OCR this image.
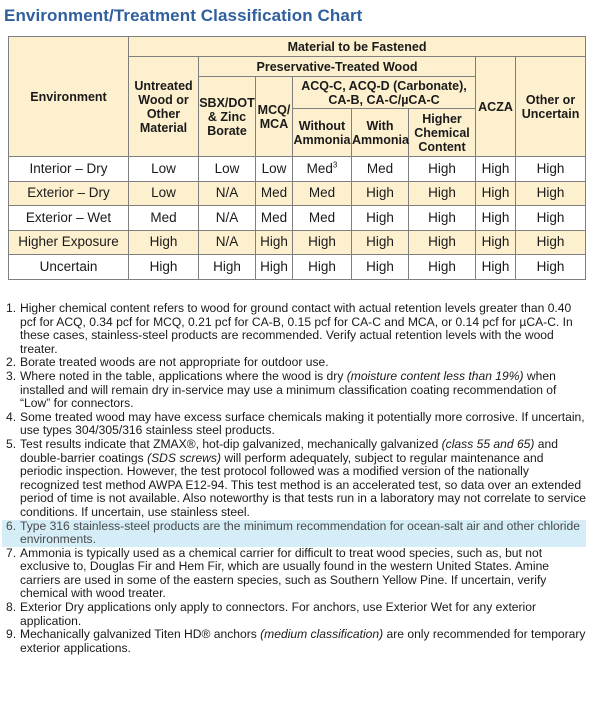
Environment/Treatment Classification Chart
Environment	Material to be Fastened							
	Untreated Wood or Other Material	Preservative-Treated Wood					ACZA	Other or Uncertain
		SBX/DOT & Zinc Borate	MCQ/ MCA	ACQ-C, ACQ-D (Carbonate), CA-B, CA-C/µCA-C				
				Without Ammonia	With Ammonia	Higher Chemical Content		
Interior – Dry	Low	Low	Low	Med$^3$	Med	High	High	High
Exterior – Dry	Low	N/A	Med	Med	High	High	High	High
Exterior – Wet	Med	N/A	Med	Med	High	High	High	High
Higher Exposure	High	N/A	High	High	High	High	High	High
Uncertain	High	High	High	High	High	High	High	High
1. Higher chemical content refers to wood for ground contact with actual retention levels greater than 0.40 pcf for ACQ, 0.34 pcf for MCQ, 0.21 pcf for CA-B, 0.15 pcf for CA-C and MCA, or 0.14 pcf for µCA-C. In these cases, stainless-steel products are recommended. Verify actual retention levels with the wood treater.
2. Borate treated woods are not appropriate for outdoor use.
3. Where noted in the table, applications where the wood is dry (moisture content less than 19%) when installed and will remain dry in-service may use a minimum classification coating recommendation of “Low” for connectors.
4. Some treated wood may have excess surface chemicals making it potentially more corrosive. If uncertain, use types 304/305/316 stainless steel products.
5. Test results indicate that ZMAX®, hot-dip galvanized, mechanically galvanized (class 55 and 65) and double-barrier coatings (SDS screws) will perform adequately, subject to regular maintenance and periodic inspection. However, the test protocol followed was a modified version of the nationally recognized test method AWPA E12-94. This test method is an accelerated test, so data over an extended period of time is not available. Also noteworthy is that tests run in a laboratory may not correlate to service conditions. If uncertain, use stainless steel.
6. Type 316 stainless-steel products are the minimum recommendation for ocean-salt air and other chloride environments.
7. Ammonia is typically used as a chemical carrier for difficult to treat wood species, such as, but not exclusive to, Douglas Fir and Hem Fir, which are usually found in the western United States. Amine carriers are used in some of the eastern species, such as Southern Yellow Pine. If uncertain, verify chemical with wood treater.
8. Exterior Dry applications only apply to connectors. For anchors, use Exterior Wet for any exterior application.
9. Mechanically galvanized Titen HD® anchors (medium classification) are only recommended for temporary exterior applications.
